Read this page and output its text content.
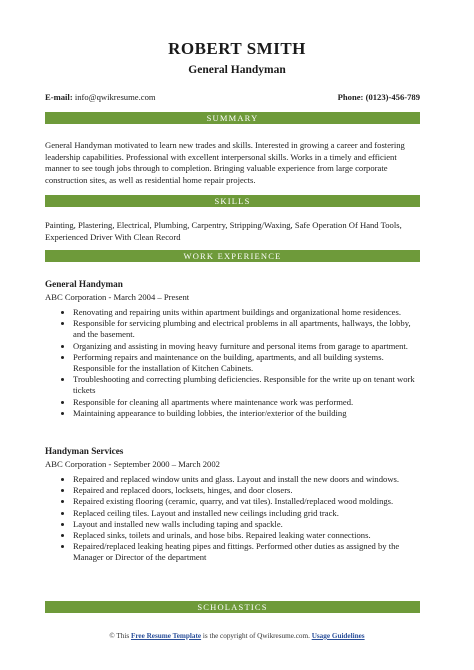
ROBERT SMITH
General Handyman
E-mail: info@qwikresume.com	Phone: (0123)-456-789
SUMMARY
General Handyman motivated to learn new trades and skills. Interested in growing a career and fostering leadership capabilities. Professional with excellent interpersonal skills. Works in a timely and efficient manner to see tough jobs through to completion. Bringing valuable experience from large corporate construction sites, as well as residential home repair projects.
SKILLS
Painting, Plastering, Electrical, Plumbing, Carpentry, Stripping/Waxing, Safe Operation Of Hand Tools, Experienced Driver With Clean Record
WORK EXPERIENCE
General Handyman
ABC Corporation - March 2004 – Present
• Renovating and repairing units within apartment buildings and organizational home residences.
• Responsible for servicing plumbing and electrical problems in all apartments, hallways, the lobby, and the basement.
• Organizing and assisting in moving heavy furniture and personal items from garage to apartment.
• Performing repairs and maintenance on the building, apartments, and all building systems. Responsible for the installation of Kitchen Cabinets.
• Troubleshooting and correcting plumbing deficiencies. Responsible for the write up on tenant work tickets
• Responsible for cleaning all apartments where maintenance work was performed.
• Maintaining appearance to building lobbies, the interior/exterior of the building
Handyman Services
ABC Corporation - September 2000 – March 2002
• Repaired and replaced window units and glass. Layout and install the new doors and windows.
• Repaired and replaced doors, locksets, hinges, and door closers.
• Repaired existing flooring (ceramic, quarry, and vat tiles). Installed/replaced wood moldings.
• Replaced ceiling tiles. Layout and installed new ceilings including grid track.
• Layout and installed new walls including taping and spackle.
• Replaced sinks, toilets and urinals, and hose bibs. Repaired leaking water connections.
• Repaired/replaced leaking heating pipes and fittings. Performed other duties as assigned by the Manager or Director of the department
SCHOLASTICS
© This Free Resume Template is the copyright of Qwikresume.com. Usage Guidelines
